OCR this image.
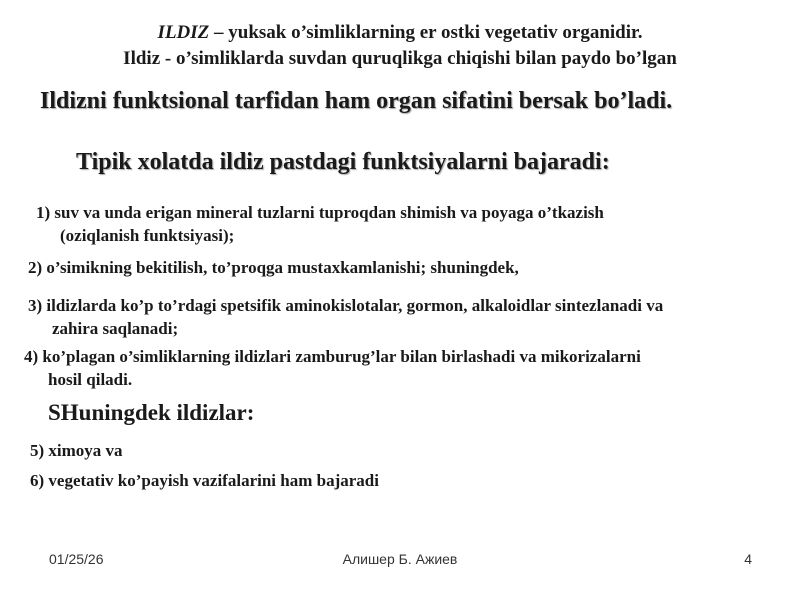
ILDIZ – yuksak o’simliklarning er ostki vegetativ organidir.
Ildiz - o’simliklarda suvdan quruqlikga chiqishi bilan paydo bo’lgan
Ildizni funktsional tarfidan ham organ sifatini bersak bo’ladi.
Tipik xolatda ildiz pastdagi funktsiyalarni bajaradi:
1) suv va unda erigan mineral tuzlarni tuproqdan shimish va poyaga o’tkazish
(oziqlanish funktsiyasi);
2) o’simikning bekitilish, to’proqga mustaxkamlanishi; shuningdek,
3) ildizlarda ko’p to’rdagi spetsifik aminokislotalar, gormon, alkaloidlar sintezlanadi va
zahira saqlanadi;
4) ko’plagan o’simliklarning ildizlari zamburug’lar bilan birlashadi va mikorizalarni
hosil qiladi.
SHuningdek ildizlar:
5) ximoya va
6) vegetativ ko’payish vazifalarini ham bajaradi
01/25/26	Алишер Б. Ажиев	4
